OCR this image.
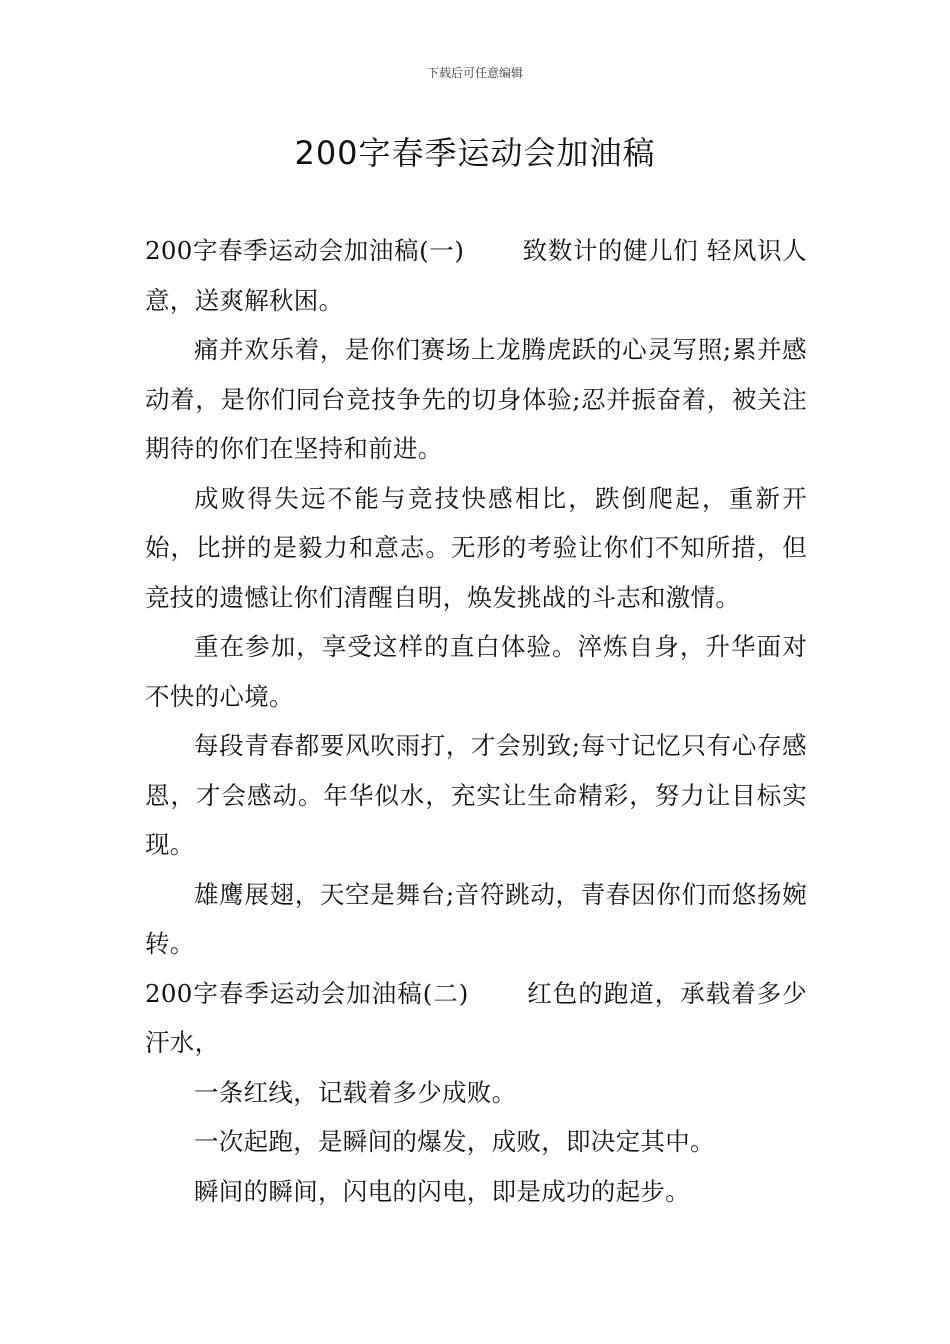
下载后可任意编辑
200字春季运动会加油稿

200字春季运动会加油稿(一) 致数计的健儿们 轻风识人意，送爽解秋困。

痛并欢乐着，是你们赛场上龙腾虎跃的心灵写照;累并感动着，是你们同台竞技争先的切身体验;忍并振奋着，被关注期待的你们在坚持和前进。

成败得失远不能与竞技快感相比，跌倒爬起，重新开始，比拼的是毅力和意志。无形的考验让你们不知所措，但竞技的遗憾让你们清醒自明，焕发挑战的斗志和激情。

重在参加，享受这样的直白体验。淬炼自身，升华面对不快的心境。

每段青春都要风吹雨打，才会别致;每寸记忆只有心存感恩，才会感动。年华似水，充实让生命精彩，努力让目标实现。

雄鹰展翅，天空是舞台;音符跳动，青春因你们而悠扬婉转。

200字春季运动会加油稿(二) 红色的跑道，承载着多少汗水，

一条红线，记载着多少成败。

一次起跑，是瞬间的爆发，成败，即决定其中。

瞬间的瞬间，闪电的闪电，即是成功的起步。
